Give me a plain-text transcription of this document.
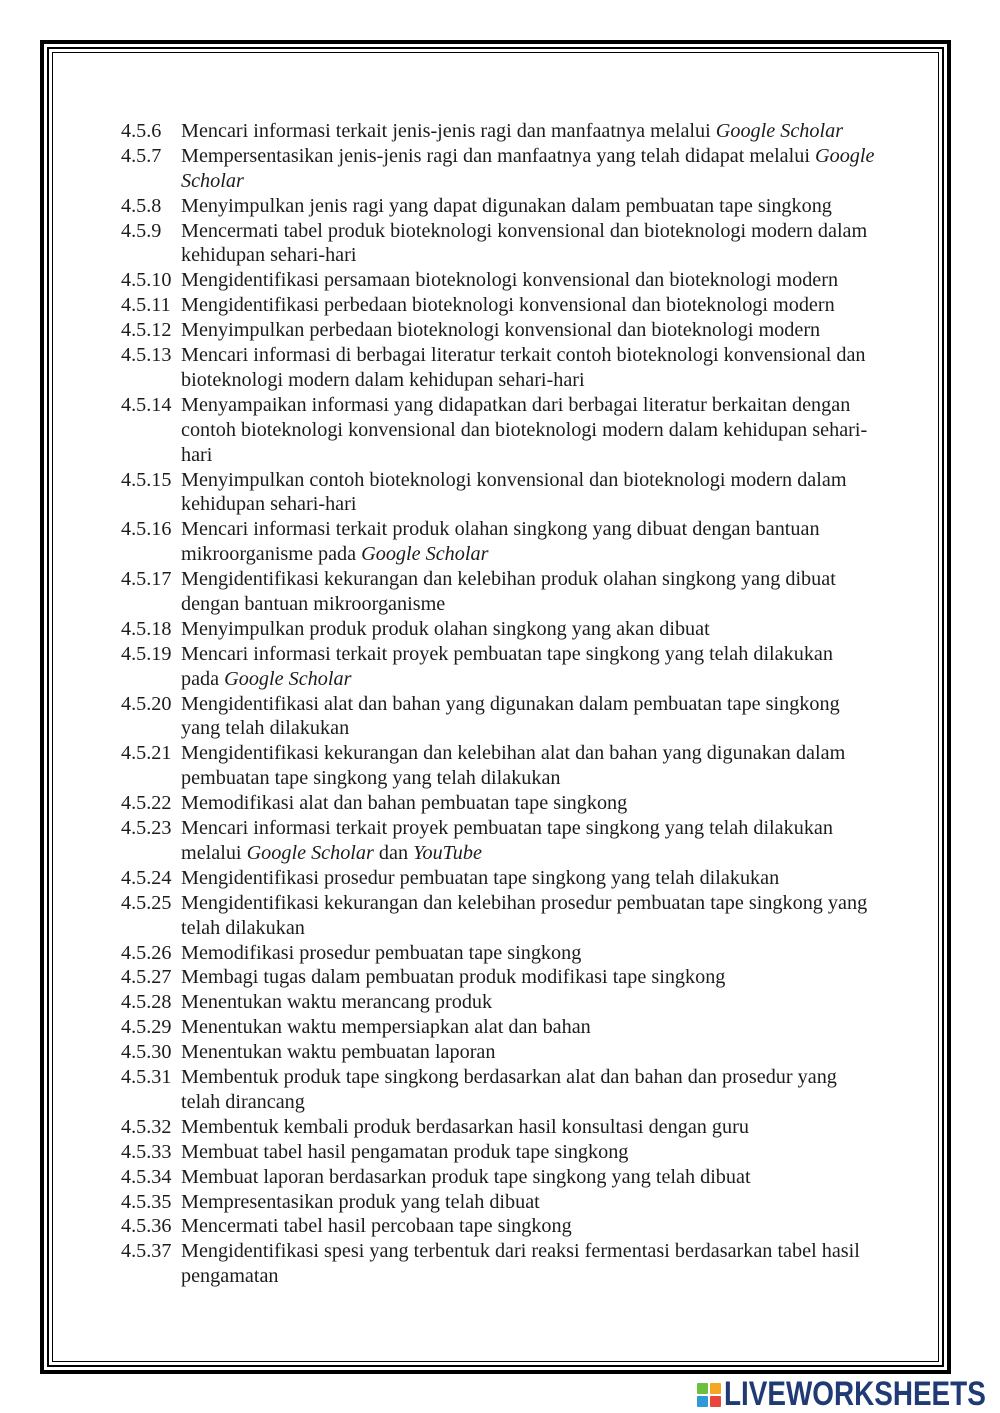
4.5.6 Mencari informasi terkait jenis-jenis ragi dan manfaatnya melalui Google Scholar
4.5.7 Mempersentasikan jenis-jenis ragi dan manfaatnya yang telah didapat melalui Google
Scholar
4.5.8 Menyimpulkan jenis ragi yang dapat digunakan dalam pembuatan tape singkong
4.5.9 Mencermati tabel produk bioteknologi konvensional dan bioteknologi modern dalam
kehidupan sehari-hari
4.5.10 Mengidentifikasi persamaan bioteknologi konvensional dan bioteknologi modern
4.5.11 Mengidentifikasi perbedaan bioteknologi konvensional dan bioteknologi modern
4.5.12 Menyimpulkan perbedaan bioteknologi konvensional dan bioteknologi modern
4.5.13 Mencari informasi di berbagai literatur terkait contoh bioteknologi konvensional dan
bioteknologi modern dalam kehidupan sehari-hari
4.5.14 Menyampaikan informasi yang didapatkan dari berbagai literatur berkaitan dengan
contoh bioteknologi konvensional dan bioteknologi modern dalam kehidupan sehari-
hari
4.5.15 Menyimpulkan contoh bioteknologi konvensional dan bioteknologi modern dalam
kehidupan sehari-hari
4.5.16 Mencari informasi terkait produk olahan singkong yang dibuat dengan bantuan
mikroorganisme pada Google Scholar
4.5.17 Mengidentifikasi kekurangan dan kelebihan produk olahan singkong yang dibuat
dengan bantuan mikroorganisme
4.5.18 Menyimpulkan produk produk olahan singkong yang akan dibuat
4.5.19 Mencari informasi terkait proyek pembuatan tape singkong yang telah dilakukan
pada Google Scholar
4.5.20 Mengidentifikasi alat dan bahan yang digunakan dalam pembuatan tape singkong
yang telah dilakukan
4.5.21 Mengidentifikasi kekurangan dan kelebihan alat dan bahan yang digunakan dalam
pembuatan tape singkong yang telah dilakukan
4.5.22 Memodifikasi alat dan bahan pembuatan tape singkong
4.5.23 Mencari informasi terkait proyek pembuatan tape singkong yang telah dilakukan
melalui Google Scholar dan YouTube
4.5.24 Mengidentifikasi prosedur pembuatan tape singkong yang telah dilakukan
4.5.25 Mengidentifikasi kekurangan dan kelebihan prosedur pembuatan tape singkong yang
telah dilakukan
4.5.26 Memodifikasi prosedur pembuatan tape singkong
4.5.27 Membagi tugas dalam pembuatan produk modifikasi tape singkong
4.5.28 Menentukan waktu merancang produk
4.5.29 Menentukan waktu mempersiapkan alat dan bahan
4.5.30 Menentukan waktu pembuatan laporan
4.5.31 Membentuk produk tape singkong berdasarkan alat dan bahan dan prosedur yang
telah dirancang
4.5.32 Membentuk kembali produk berdasarkan hasil konsultasi dengan guru
4.5.33 Membuat tabel hasil pengamatan produk tape singkong
4.5.34 Membuat laporan berdasarkan produk tape singkong yang telah dibuat
4.5.35 Mempresentasikan produk yang telah dibuat
4.5.36 Mencermati tabel hasil percobaan tape singkong
4.5.37 Mengidentifikasi spesi yang terbentuk dari reaksi fermentasi berdasarkan tabel hasil
pengamatan
LIVEWORKSHEETS
